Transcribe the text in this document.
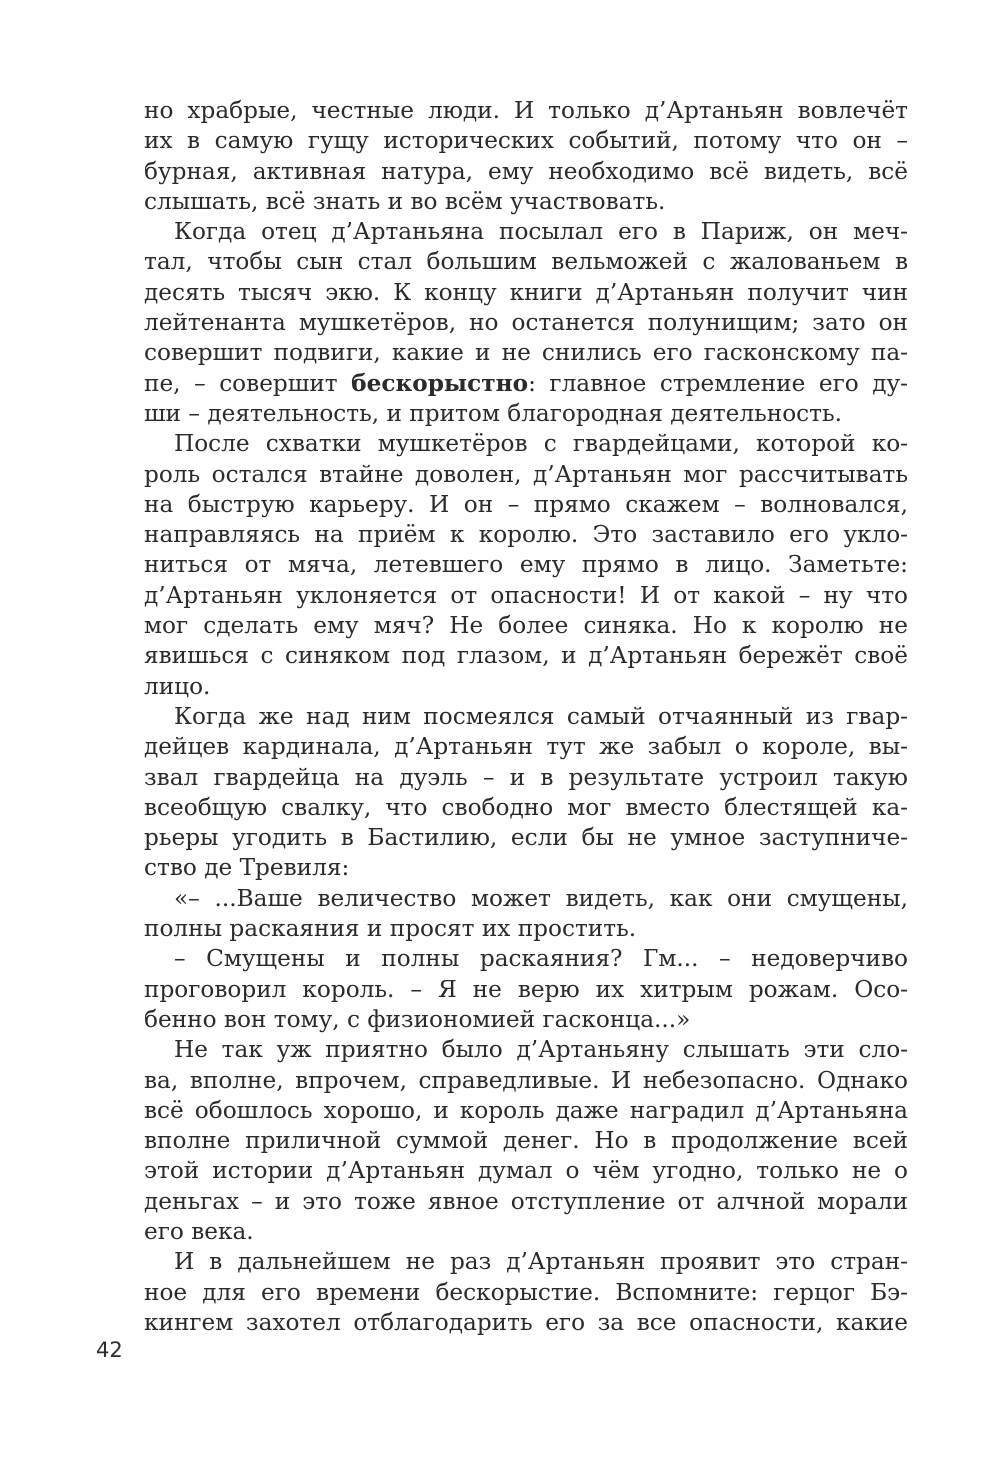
но храбрые, честные люди. И только д’Артаньян вовлечёт
их в самую гущу исторических событий, потому что он –
бурная, активная натура, ему необходимо всё видеть, всё
слышать, всё знать и во всём участвовать.
Когда отец д’Артаньяна посылал его в Париж, он меч-
тал, чтобы сын стал большим вельможей с жалованьем в
десять тысяч экю. К концу книги д’Артаньян получит чин
лейтенанта мушкетёров, но останется полунищим; зато он
совершит подвиги, какие и не снились его гасконскому па-
пе, – совершит бескорыстно: главное стремление его ду-
ши – деятельность, и притом благородная деятельность.
После схватки мушкетёров с гвардейцами, которой ко-
роль остался втайне доволен, д’Артаньян мог рассчитывать
на быструю карьеру. И он – прямо скажем – волновался,
направляясь на приём к королю. Это заставило его укло-
ниться от мяча, летевшего ему прямо в лицо. Заметьте:
д’Артаньян уклоняется от опасности! И от какой – ну что
мог сделать ему мяч? Не более синяка. Но к королю не
явишься с синяком под глазом, и д’Артаньян бережёт своё
лицо.
Когда же над ним посмеялся самый отчаянный из гвар-
дейцев кардинала, д’Артаньян тут же забыл о короле, вы-
звал гвардейца на дуэль – и в результате устроил такую
всеобщую свалку, что свободно мог вместо блестящей ка-
рьеры угодить в Бастилию, если бы не умное заступниче-
ство де Тревиля:
«– ...Ваше величество может видеть, как они смущены,
полны раскаяния и просят их простить.
– Смущены и полны раскаяния? Гм... – недоверчиво
проговорил король. – Я не верю их хитрым рожам. Осо-
бенно вон тому, с физиономией гасконца...»
Не так уж приятно было д’Артаньяну слышать эти сло-
ва, вполне, впрочем, справедливые. И небезопасно. Однако
всё обошлось хорошо, и король даже наградил д’Артаньяна
вполне приличной суммой денег. Но в продолжение всей
этой истории д’Артаньян думал о чём угодно, только не о
деньгах – и это тоже явное отступление от алчной морали
его века.
И в дальнейшем не раз д’Артаньян проявит это стран-
ное для его времени бескорыстие. Вспомните: герцог Бэ-
кингем захотел отблагодарить его за все опасности, какие
42
